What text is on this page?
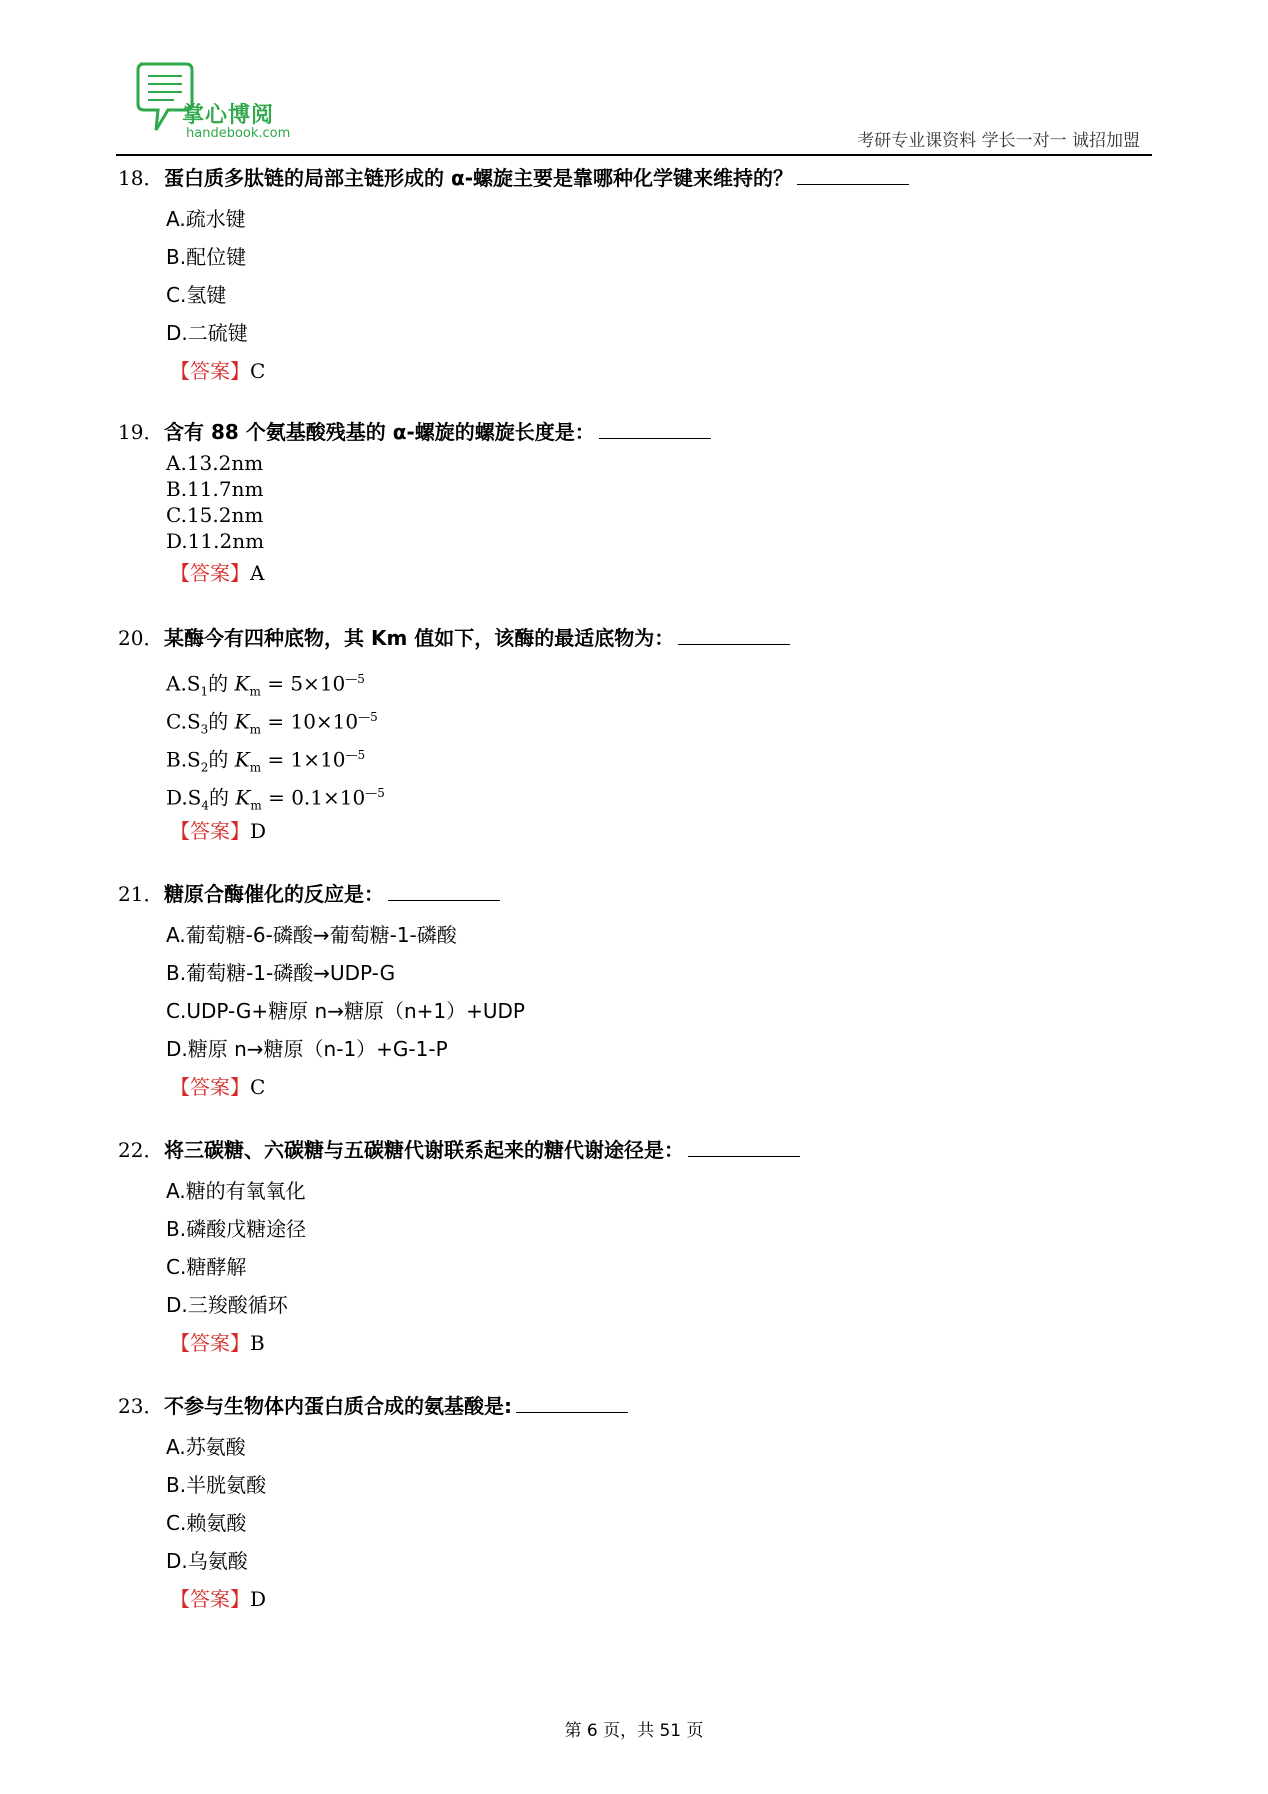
掌心博阅
handebook.com	考研专业课资料 学长一对一 诚招加盟
18．蛋白质多肽链的局部主链形成的 α-螺旋主要是靠哪种化学键来维持的？
A.疏水键
B.配位键
C.氢键
D.二硫键
【答案】C
19．含有 88 个氨基酸残基的 α-螺旋的螺旋长度是：
A.13.2nm
B.11.7nm
C.15.2nm
D.11.2nm
【答案】A
20．某酶今有四种底物，其 Km 值如下，该酶的最适底物为：
$A.S_1$的 $K_m = 5\times 10^{—5}$
$C.S_3$的 $K_m = 10\times 10^{—5}$
$B.S_2$的 $K_m = 1\times 10^{—5}$
$D.S_4$的 $K_m = 0.1\times 10^{—5}$
【答案】D
21．糖原合酶催化的反应是：
A.葡萄糖-6-磷酸→葡萄糖-1-磷酸
B.葡萄糖-1-磷酸→UDP-G
C.UDP-G+糖原 n→糖原（n+1）+UDP
D.糖原 n→糖原（n-1）+G-1-P
【答案】C
22．将三碳糖、六碳糖与五碳糖代谢联系起来的糖代谢途径是：
A.糖的有氧氧化
B.磷酸戊糖途径
C.糖酵解
D.三羧酸循环
【答案】B
23．不参与生物体内蛋白质合成的氨基酸是:
A.苏氨酸
B.半胱氨酸
C.赖氨酸
D.乌氨酸
【答案】D
第 6 页，共 51 页
